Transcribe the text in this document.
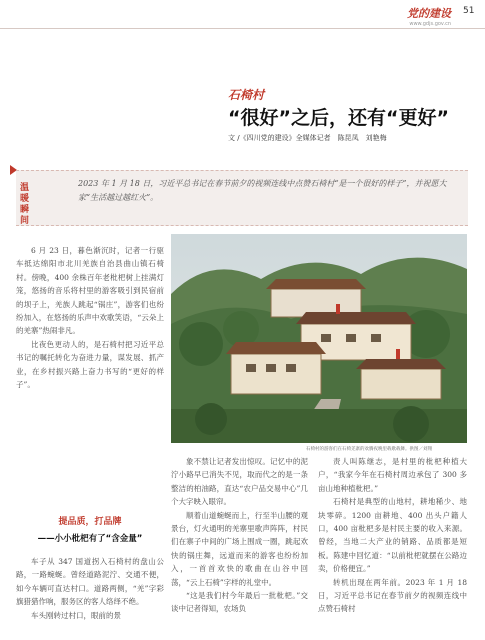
党的建设
www.gdjs.gov.cn
51
石椅村
“很好”之后，还有“更好”
文 /《四川党的建设》全媒体记者　陈昆凤　刘艳梅
温暖瞬间
2023 年 1 月 18 日，习近平总书记在春节前夕的视频连线中点赞石椅村“是一个很好的样子”，并祝愿大家“生活越过越红火”。
石椅村的游客们在石椅羌寨的欢腾夜晚里载歌载舞。供图／刘翔

6 月 23 日，暮色渐沉时，记者一行驱车抵达绵阳市北川羌族自治县曲山镇石椅村。傍晚，400 余株百年老枇杷树上挂满灯笼，悠扬的音乐将村里的游客吸引到民宿前的坝子上，羌族人跳起“锅庄”，游客们也纷纷加入，在悠扬的乐声中欢歌笑语，“云朵上的羌寨”热闹非凡。

比夜色更动人的，是石椅村把习近平总书记的嘱托转化为奋进力量，谋发展、抓产业，在乡村振兴路上奋力书写的“更好的样子”。

提品质，打品牌
——小小枇杷有了“含金量”

车子从 347 国道拐入石椅村的盘山公路，一路蜿蜒。曾经道路泥泞、交通不便，如今车辆可直达村口。道路两侧，“羌”字彩旗猎猎作响，服务区的客人络绎不绝。

车头刚转过村口，眼前的景

象不禁让记者发出惊叹。记忆中的泥泞小路早已消失不见，取而代之的是一条整洁的柏油路，直达“农户品交易中心”几个大字映入眼帘。

顺着山道蜿蜒而上，行至半山腰的观景台，灯火通明的羌寨里歌声阵阵，村民们在寨子中间的广场上围成一圈，跳起欢快的锅庄舞，远道而来的游客也纷纷加入，一首首欢快的歌曲在山谷中回荡，“云上石椅”字样的礼堂中。

“这是我们村今年最后一批枇杷。”交谈中记者得知，农场负

责人叫陈继志，是村里的枇杷种植大户，“我家今年在石椅村周边承包了 300 多亩山地种植枇杷。”

石椅村是典型的山地村，耕地稀少、地块零碎。1200 亩耕地、400 出头户籍人口，400 亩枇杷多是村民主要的收入来源。曾经，当地二大产业的销路、品质都是短板。陈建中回忆道：“以前枇杷就摆在公路边卖，价格便宜。”

转机出现在两年前。2023 年 1 月 18 日，习近平总书记在春节前夕的视频连线中点赞石椅村
